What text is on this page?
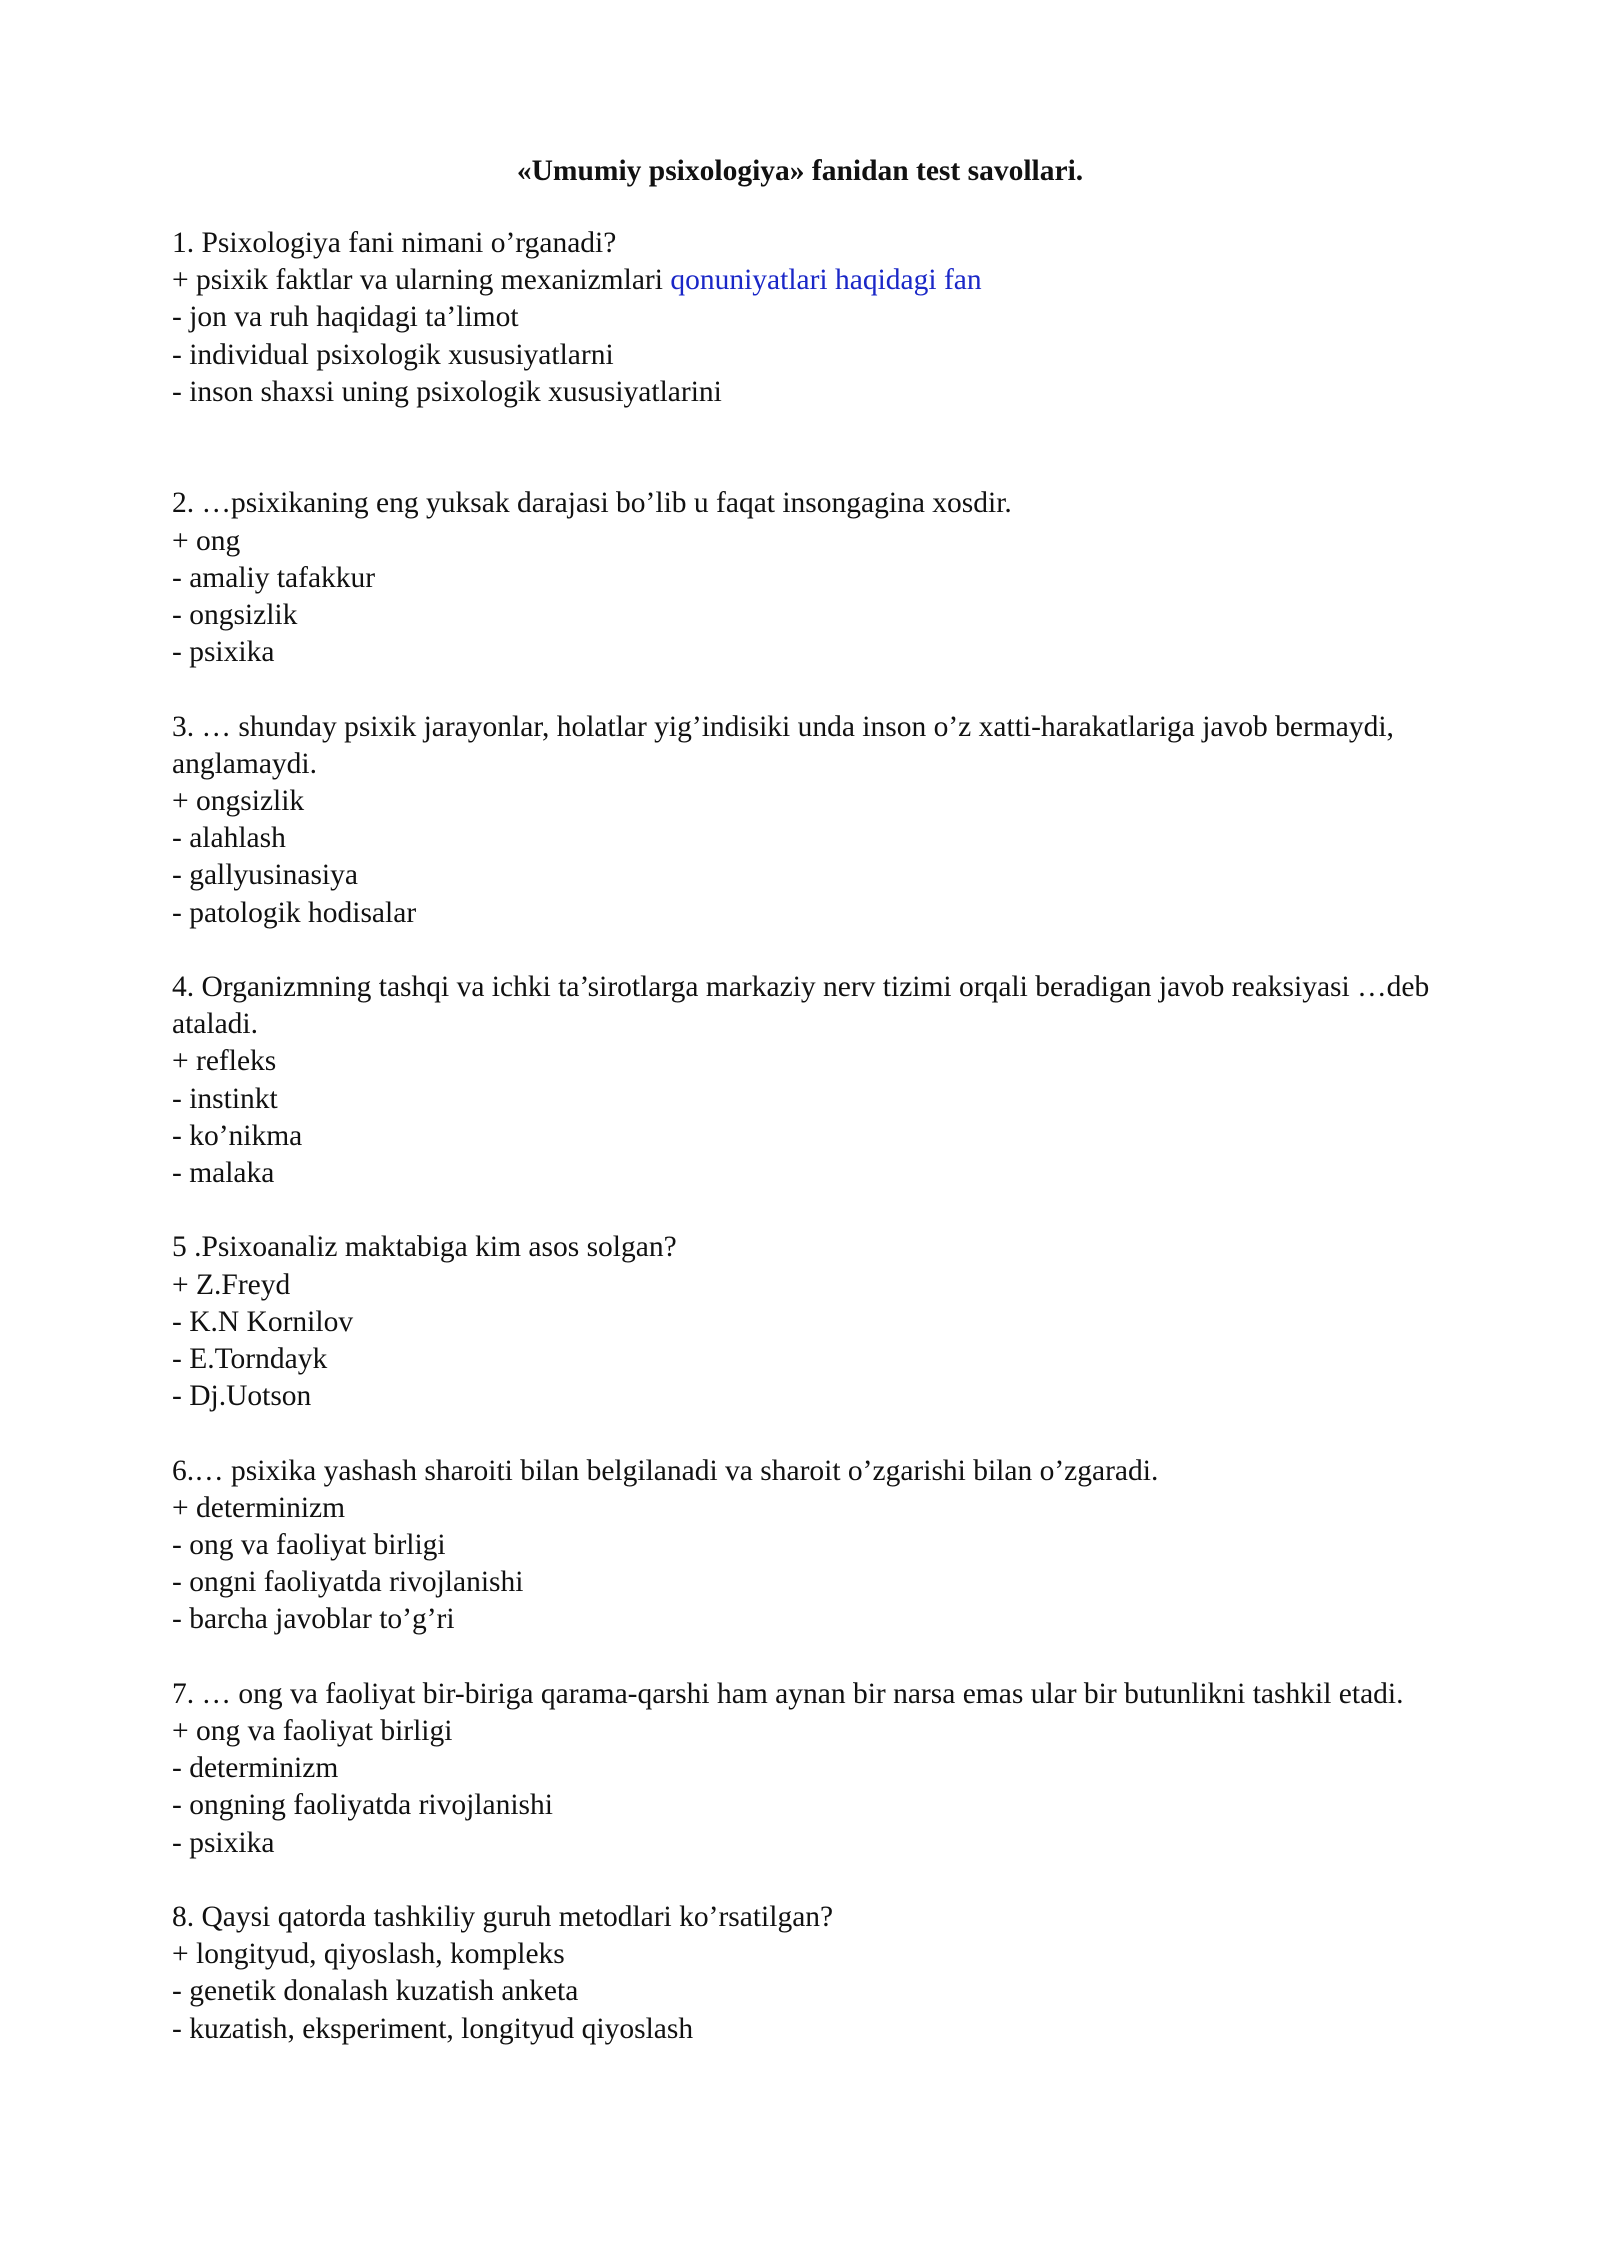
«Umumiy psixologiya» fanidan test savollari.

1. Psixologiya fani nimani o’rganadi?

+ psixik faktlar va ularning mexanizmlari qonuniyatlari haqidagi fan

- jon va ruh haqidagi ta’limot

- individual psixologik xususiyatlarni

- inson shaxsi uning psixologik xususiyatlarini

2. …psixikaning eng yuksak darajasi bo’lib u faqat insongagina xosdir.

+ ong

- amaliy tafakkur

- ongsizlik

- psixika

3. … shunday psixik jarayonlar, holatlar yig’indisiki unda inson o’z xatti-harakatlariga javob bermaydi, anglamaydi.

+ ongsizlik

- alahlash

- gallyusinasiya

- patologik hodisalar

4. Organizmning tashqi va ichki ta’sirotlarga markaziy nerv tizimi orqali beradigan javob reaksiyasi …deb ataladi.

+ refleks

- instinkt

- ko’nikma

- malaka

5 .Psixoanaliz maktabiga kim asos solgan?

+ Z.Freyd

- K.N Kornilov

- E.Torndayk

- Dj.Uotson

6.… psixika yashash sharoiti bilan belgilanadi va sharoit o’zgarishi bilan o’zgaradi.

+ determinizm

- ong va faoliyat birligi

- ongni faoliyatda rivojlanishi

- barcha javoblar to’g’ri

7. … ong va faoliyat bir-biriga qarama-qarshi ham aynan bir narsa emas ular bir butunlikni tashkil etadi.

+ ong va faoliyat birligi

- determinizm

- ongning faoliyatda rivojlanishi

- psixika

8. Qaysi qatorda tashkiliy guruh metodlari ko’rsatilgan?

+ longityud, qiyoslash, kompleks

- genetik donalash kuzatish anketa

- kuzatish, eksperiment, longityud qiyoslash
